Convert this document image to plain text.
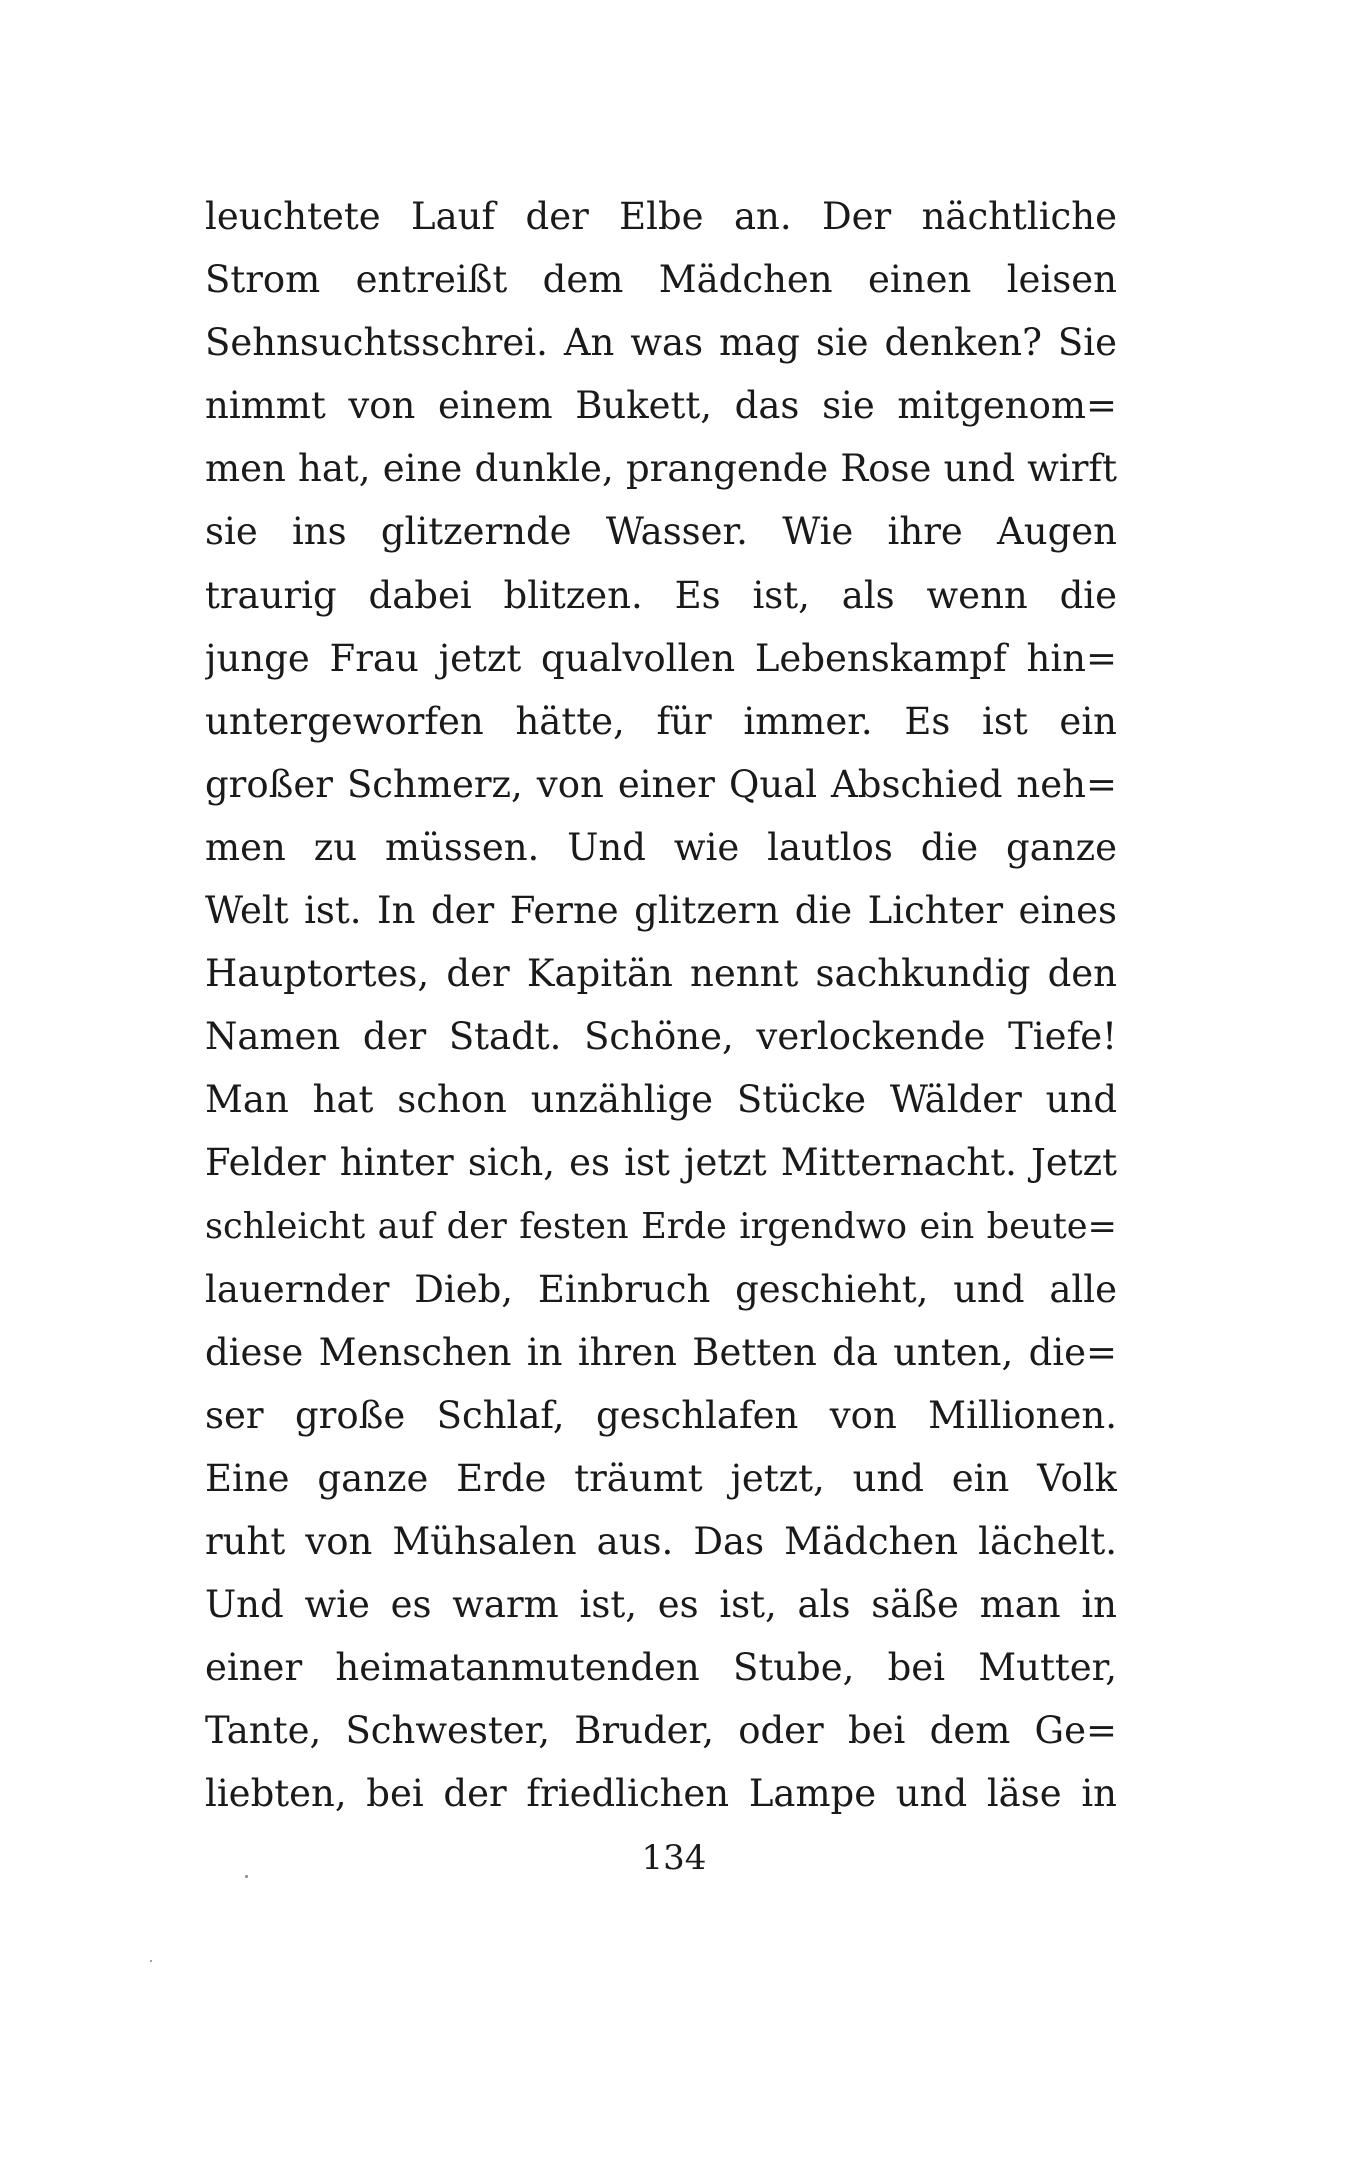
leuchtete Lauf der Elbe an. Der nächtliche
Strom entreißt dem Mädchen einen leisen
Sehnsuchtsschrei. An was mag sie denken? Sie
nimmt von einem Bukett, das sie mitgenom=
men hat, eine dunkle, prangende Rose und wirft
sie ins glitzernde Wasser. Wie ihre Augen
traurig dabei blitzen. Es ist, als wenn die
junge Frau jetzt qualvollen Lebenskampf hin=
untergeworfen hätte, für immer. Es ist ein
großer Schmerz, von einer Qual Abschied neh=
men zu müssen. Und wie lautlos die ganze
Welt ist. In der Ferne glitzern die Lichter eines
Hauptortes, der Kapitän nennt sachkundig den
Namen der Stadt. Schöne, verlockende Tiefe!
Man hat schon unzählige Stücke Wälder und
Felder hinter sich, es ist jetzt Mitternacht. Jetzt
schleicht auf der festen Erde irgendwo ein beute=
lauernder Dieb, Einbruch geschieht, und alle
diese Menschen in ihren Betten da unten, die=
ser große Schlaf, geschlafen von Millionen.
Eine ganze Erde träumt jetzt, und ein Volk
ruht von Mühsalen aus. Das Mädchen lächelt.
Und wie es warm ist, es ist, als säße man in
einer heimatanmutenden Stube, bei Mutter,
Tante, Schwester, Bruder, oder bei dem Ge=
liebten, bei der friedlichen Lampe und läse in
134
